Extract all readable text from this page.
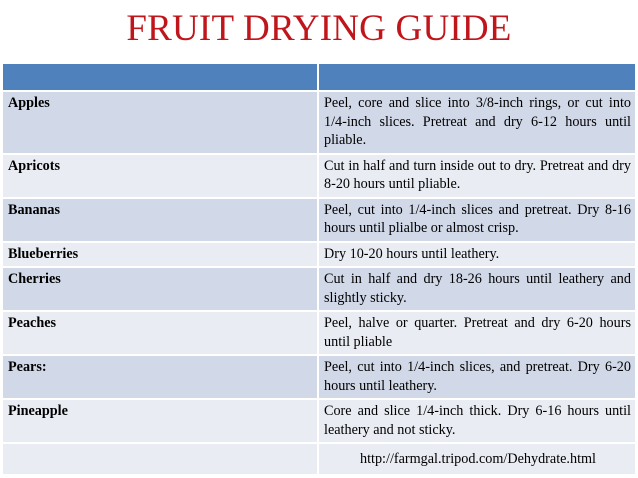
FRUIT DRYING GUIDE
Apples	Peel, core and slice into 3/8-inch rings, or cut into 1/4-inch slices. Pretreat and dry 6-12 hours until pliable.
Apricots	Cut in half and turn inside out to dry. Pretreat and dry 8-20 hours until pliable.
Bananas	Peel, cut into 1/4-inch slices and pretreat. Dry 8-16 hours until plialbe or almost crisp.
Blueberries	Dry 10-20 hours until leathery.
Cherries	Cut in half and dry 18-26 hours until leathery and slightly sticky.
Peaches	Peel, halve or quarter. Pretreat and dry 6-20 hours until pliable
Pears:	Peel, cut into 1/4-inch slices, and pretreat. Dry 6-20 hours until leathery.
Pineapple	Core and slice 1/4-inch thick. Dry 6-16 hours until leathery and not sticky.
http://farmgal.tripod.com/Dehydrate.html
